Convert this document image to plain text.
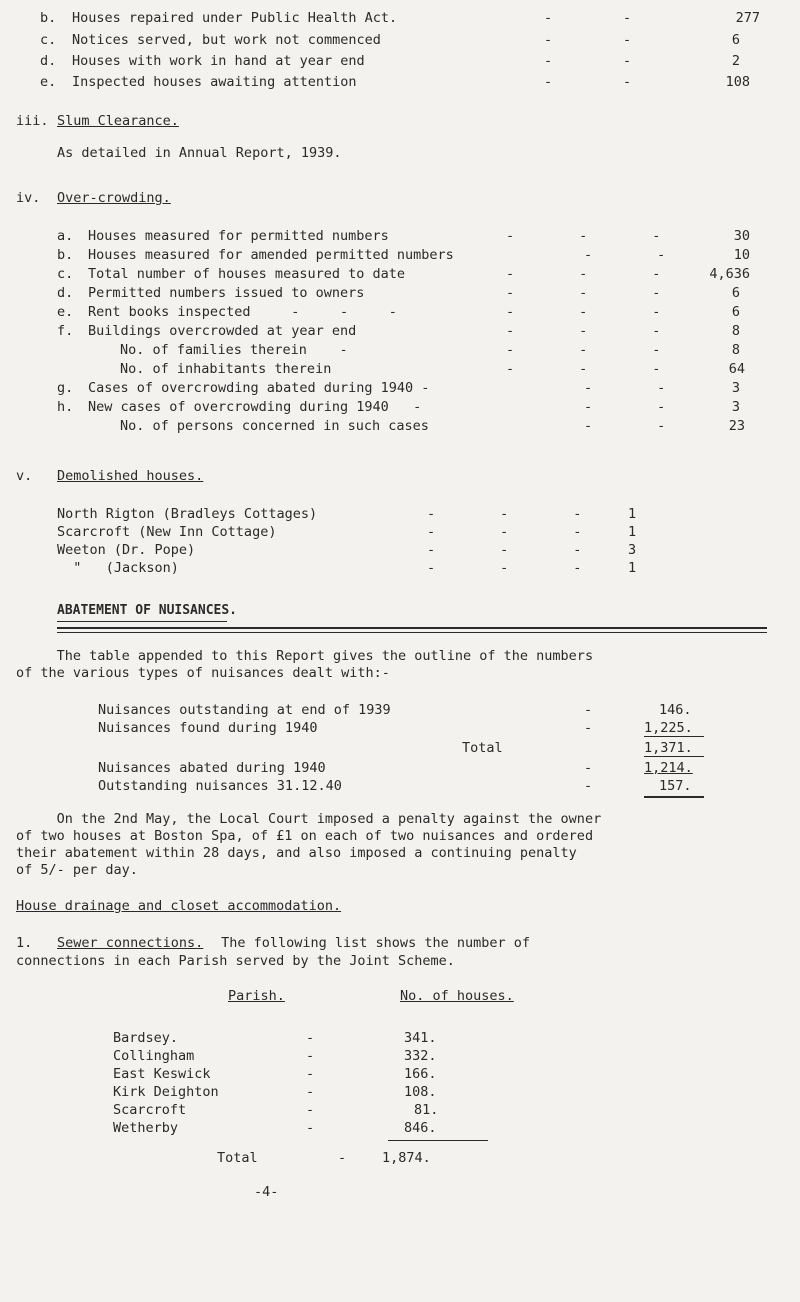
b. Houses repaired under Public Health Act.	-	-	277
c. Notices served, but work not commenced	-	-	6
d. Houses with work in hand at year end	-	-	2
e. Inspected houses awaiting attention	-	-	108
iii. Slum Clearance.
As detailed in Annual Report, 1939.
iv. Over-crowding.
a. Houses measured for permitted numbers	-        -        -	30
b. Houses measured for amended permitted numbers	-        -	10
c. Total number of houses measured to date	-        -        -	4,636
d. Permitted numbers issued to owners	-        -        -	6
e. Rent books inspected     -     -     -	-        -        -	6
f. Buildings overcrowded at year end	-        -        -	8
No. of families therein    -	-        -        -	8
No. of inhabitants therein	-        -        -	64
g. Cases of overcrowding abated during 1940 -	-        -	3
h. New cases of overcrowding during 1940   -	-        -	3
No. of persons concerned in such cases	-        -	23
v. Demolished houses.
North Rigton (Bradleys Cottages)	-        -        -	1
Scarcroft (New Inn Cottage)	-        -        -	1
Weeton (Dr. Pope)	-        -        -	3
"   (Jackson)	-        -        -	1
ABATEMENT OF NUISANCES.
The table appended to this Report gives the outline of the numbers
of the various types of nuisances dealt with:-
Nuisances outstanding at end of 1939	-	146.
Nuisances found during 1940	-	1,225.
Total	1,371.
Nuisances abated during 1940	-	1,214.
Outstanding nuisances 31.12.40	-	157.
On the 2nd May, the Local Court imposed a penalty against the owner
of two houses at Boston Spa, of £1 on each of two nuisances and ordered
their abatement within 28 days, and also imposed a continuing penalty
of 5/- per day.
House drainage and closet accommodation.
1. Sewer connections. The following list shows the number of
connections in each Parish served by the Joint Scheme.
Parish.	No. of houses.
Bardsey.	-	341.
Collingham	-	332.
East Keswick	-	166.
Kirk Deighton	-	108.
Scarcroft	-	81.
Wetherby	-	846.
Total	-	1,874.
-4-
